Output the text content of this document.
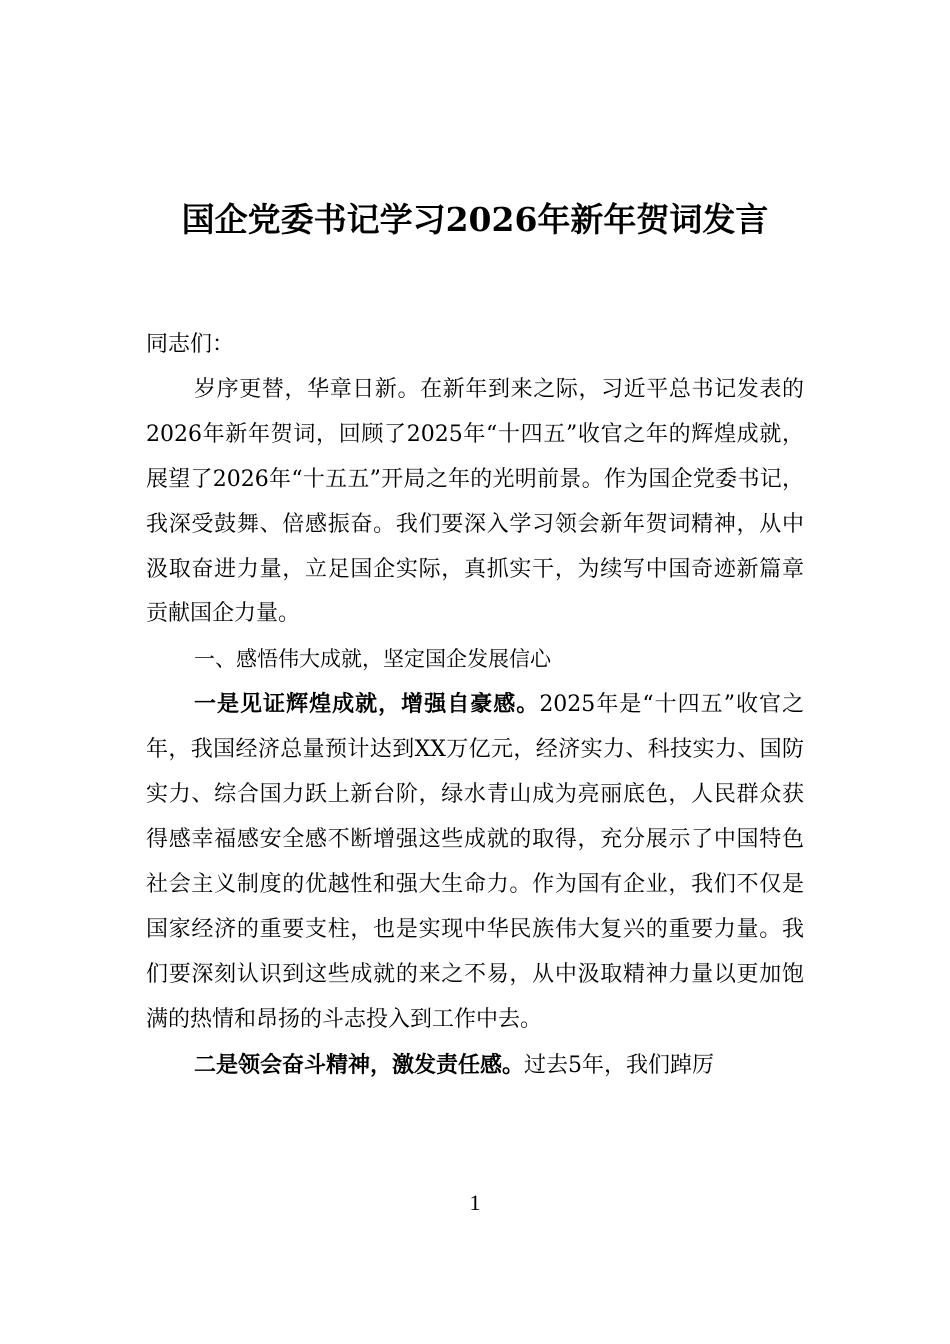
国企党委书记学习2026年新年贺词发言

同志们：

岁序更替，华章日新。在新年到来之际，习近平总书记发表的2026年新年贺词，回顾了2025年“十四五”收官之年的辉煌成就，展望了2026年“十五五”开局之年的光明前景。作为国企党委书记，我深受鼓舞、倍感振奋。我们要深入学习领会新年贺词精神，从中汲取奋进力量，立足国企实际，真抓实干，为续写中国奇迹新篇章贡献国企力量。

一、感悟伟大成就，坚定国企发展信心

一是见证辉煌成就，增强自豪感。2025年是“十四五”收官之年，我国经济总量预计达到XX万亿元，经济实力、科技实力、国防实力、综合国力跃上新台阶，绿水青山成为亮丽底色，人民群众获得感幸福感安全感不断增强这些成就的取得，充分展示了中国特色社会主义制度的优越性和强大生命力。作为国有企业，我们不仅是国家经济的重要支柱，也是实现中华民族伟大复兴的重要力量。我们要深刻认识到这些成就的来之不易，从中汲取精神力量以更加饱满的热情和昂扬的斗志投入到工作中去。

二是领会奋斗精神，激发责任感。过去5年，我们踔厉

1
